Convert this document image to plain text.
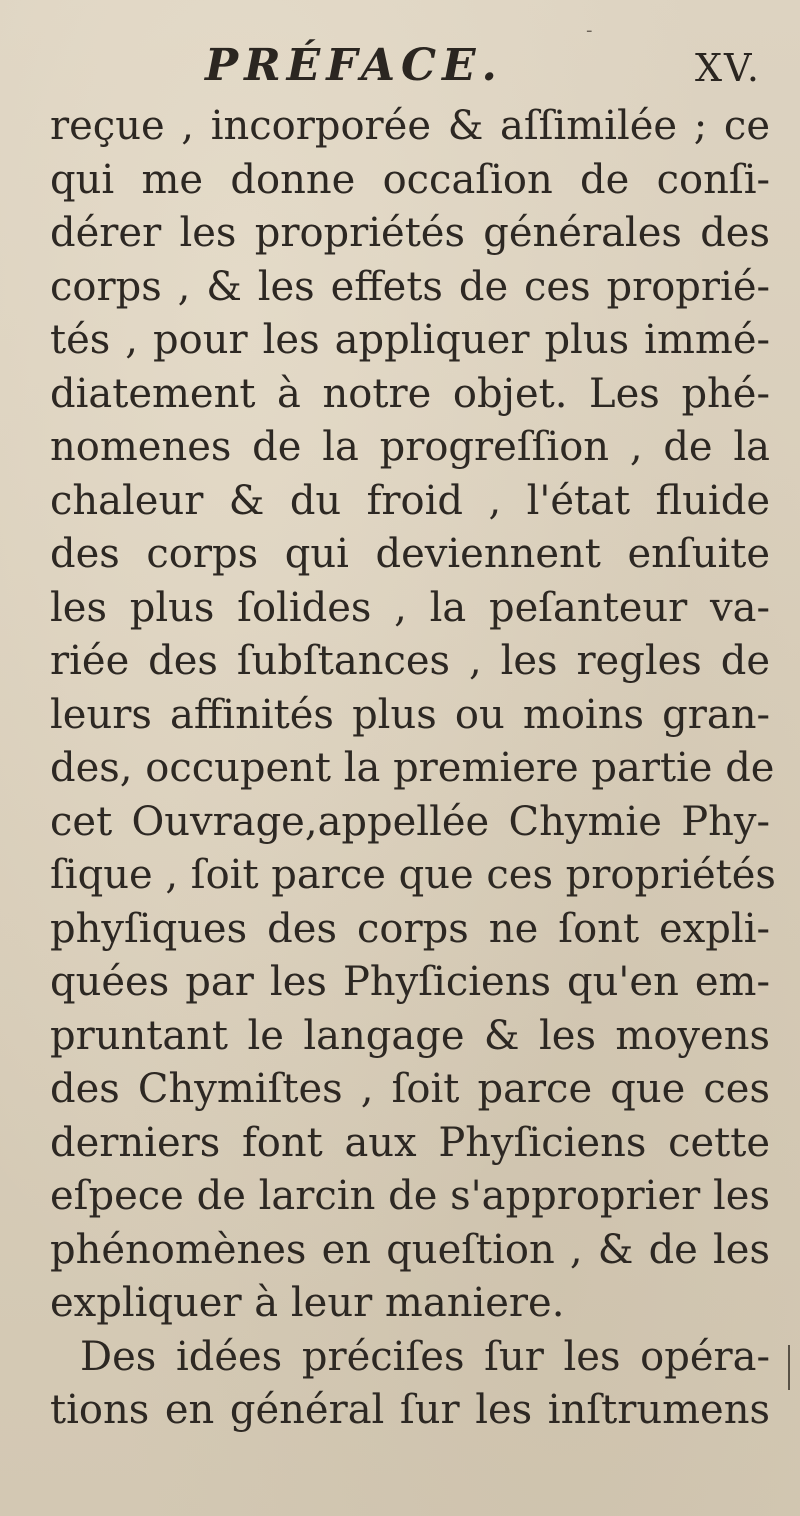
-
PRÉFACE.	XV.
reçue , incorporée & aſſimilée ; ce
qui me donne occaſion de conſi-
dérer les propriétés générales des
corps , & les effets de ces proprié-
tés , pour les appliquer plus immé-
diatement à notre objet. Les phé-
nomenes de la progreſſion , de la
chaleur & du froid , l'état fluide
des corps qui deviennent enſuite
les plus ſolides , la peſanteur va-
riée des ſubſtances , les regles de
leurs affinités plus ou moins gran-
des, occupent la premiere partie de
cet Ouvrage,appellée Chymie Phy-
ſique , ſoit parce que ces propriétés
phyſiques des corps ne ſont expli-
quées par les Phyſiciens qu'en em-
pruntant le langage & les moyens
des Chymiſtes , ſoit parce que ces
derniers font aux Phyſiciens cette
eſpece de larcin de s'approprier les
phénomènes en queſtion , & de les
expliquer à leur maniere.
Des idées préciſes ſur les opéra-
tions en général ſur les inſtrumens
